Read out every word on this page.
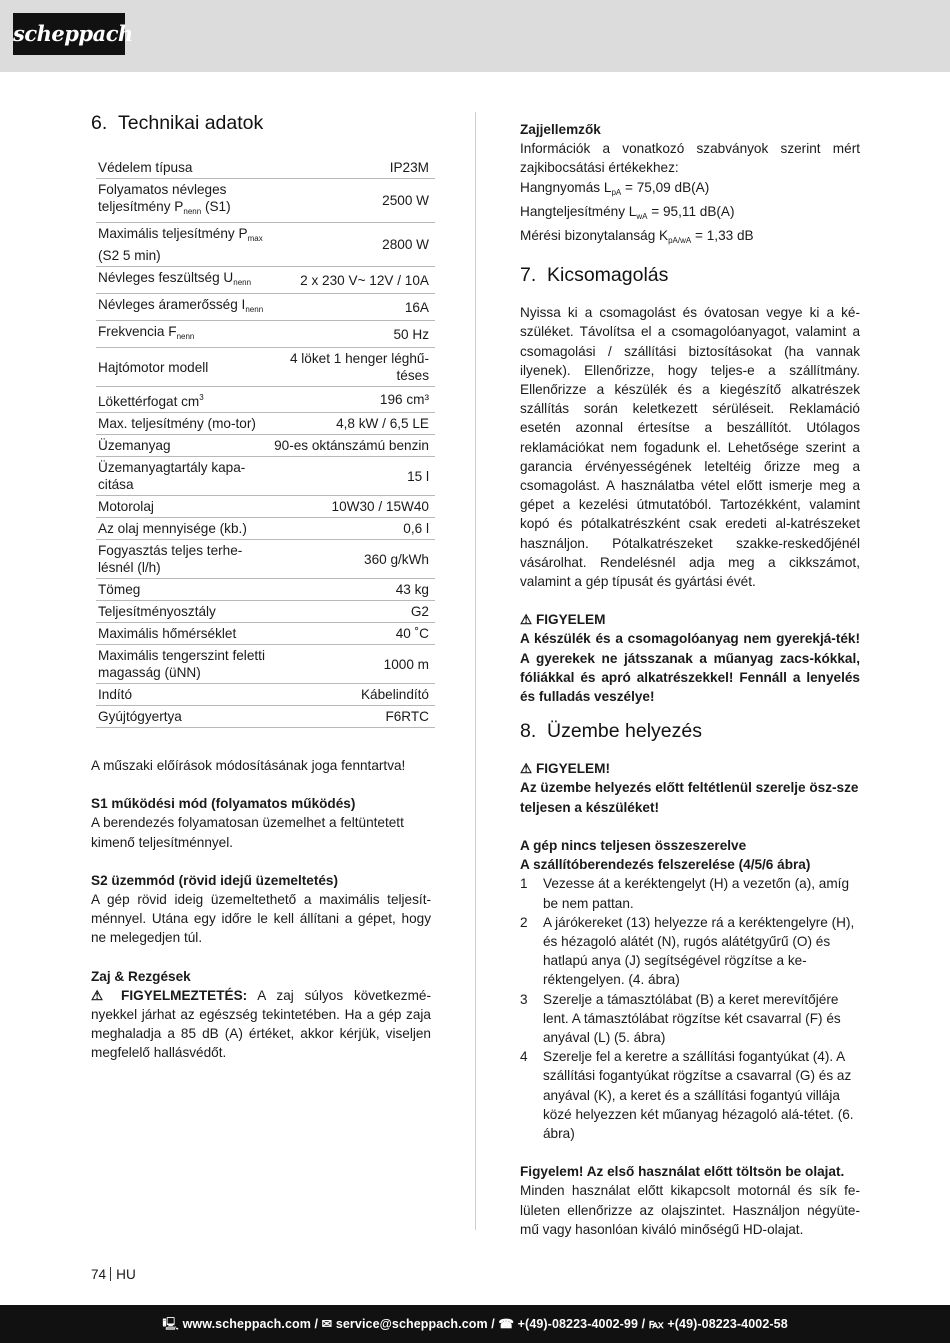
scheppach
6. Technikai adatok
Védelem típusa	IP23M
Folyamatos névleges teljesítmény $P_{nenn}$ (S1)	2500 W
Maximális teljesítmény $P_{max}$ (S2 5 min)	2800 W
Névleges feszültség $U_{nenn}$	2 x 230 V~ 12V / 10A
Névleges áramerősség $I_{nenn}$	16A
Frekvencia $F_{nenn}$	50 Hz
Hajtómotor modell	4 löket 1 henger léghű-téses
Lökettérfogat $cm^3$	196 cm³
Max. teljesítmény (mo-tor)	4,8 kW / 6,5 LE
Üzemanyag	90-es oktánszámú benzin
Üzemanyagtartály kapa-citása	15 l
Motorolaj	10W30 / 15W40
Az olaj mennyisége (kb.)	0,6 l
Fogyasztás teljes terhe-lésnél (l/h)	360 g/kWh
Tömeg	43 kg
Teljesítményosztály	G2
Maximális hőmérséklet	40 ˚C
Maximális tengerszint feletti magasság (üNN)	1000 m
Indító	Kábelindító
Gyújtógyertya	F6RTC

A műszaki előírások módosításának joga fenntartva!

S1 működési mód (folyamatos működés)

A berendezés folyamatosan üzemelhet a feltüntetett kimenő teljesítménnyel.

S2 üzemmód (rövid idejű üzemeltetés)

A gép rövid ideig üzemeltethető a maximális teljesít-ménnyel. Utána egy időre le kell állítani a gépet, hogy ne melegedjen túl.

Zaj & Rezgések

⚠ FIGYELMEZTETÉS: A zaj súlyos következmé-nyekkel járhat az egészség tekintetében. Ha a gép zaja meghaladja a 85 dB (A) értéket, akkor kérjük, viseljen megfelelő hallásvédőt.

Zajjellemzők

Információk a vonatkozó szabványok szerint mért zajkibocsátási értékekhez:

Hangnyomás $L_{pA} = 75,09$ dB(A)

Hangteljesítmény $L_{wA} = 95,11$ dB(A)

Mérési bizonytalanság $K_{pA/wA} = 1,33$ dB

7. Kicsomagolás

Nyissa ki a csomagolást és óvatosan vegye ki a ké-szüléket. Távolítsa el a csomagolóanyagot, valamint a csomagolási / szállítási biztosításokat (ha vannak ilyenek). Ellenőrizze, hogy teljes-e a szállítmány. Ellenőrizze a készülék és a kiegészítő alkatrészek szállítás során keletkezett sérüléseit. Reklamáció esetén azonnal értesítse a beszállítót. Utólagos reklamációkat nem fogadunk el. Lehetősége szerint a garancia érvényességének leteltéig őrizze meg a csomagolást. A használatba vétel előtt ismerje meg a gépet a kezelési útmutatóból. Tartozékként, valamint kopó és pótalkatrészként csak eredeti al-katrészeket használjon. Pótalkatrészeket szakke-reskedőjénél vásárolhat. Rendelésnél adja meg a cikkszámot, valamint a gép típusát és gyártási évét.

⚠ FIGYELEM

A készülék és a csomagolóanyag nem gyerekjá-ték! A gyerekek ne játsszanak a műanyag zacs-kókkal, fóliákkal és apró alkatrészekkel! Fennáll a lenyelés és fulladás veszélye!

8. Üzembe helyezés

⚠ FIGYELEM!

Az üzembe helyezés előtt feltétlenül szerelje ösz-sze teljesen a készüléket!

A gép nincs teljesen összeszerelve

A szállítóberendezés felszerelése (4/5/6 ábra)

1	Vezesse át a keréktengelyt (H) a vezetőn (a), amíg be nem pattan.
2	A járókereket (13) helyezze rá a keréktengelyre (H), és hézagoló alátét (N), rugós alátétgyűrű (O) és hatlapú anya (J) segítségével rögzítse a ke-réktengelyen. (4. ábra)
3	Szerelje a támasztólábat (B) a keret merevítőjére lent. A támasztólábat rögzítse két csavarral (F) és anyával (L) (5. ábra)
4	Szerelje fel a keretre a szállítási fogantyúkat (4). A szállítási fogantyúkat rögzítse a csavarral (G) és az anyával (K), a keret és a szállítási fogantyú villája közé helyezzen két műanyag hézagoló alá-tétet. (6. ábra)

Figyelem! Az első használat előtt töltsön be olajat.

Minden használat előtt kikapcsolt motornál és sík fe-lületen ellenőrizze az olajszintet. Használjon négyüte-mű vagy hasonlóan kiváló minőségű HD-olajat.

74 HU
🖳 www.scheppach.com / ✉ service@scheppach.com / ☎ +(49)-08223-4002-99 / ℻ +(49)-08223-4002-58
